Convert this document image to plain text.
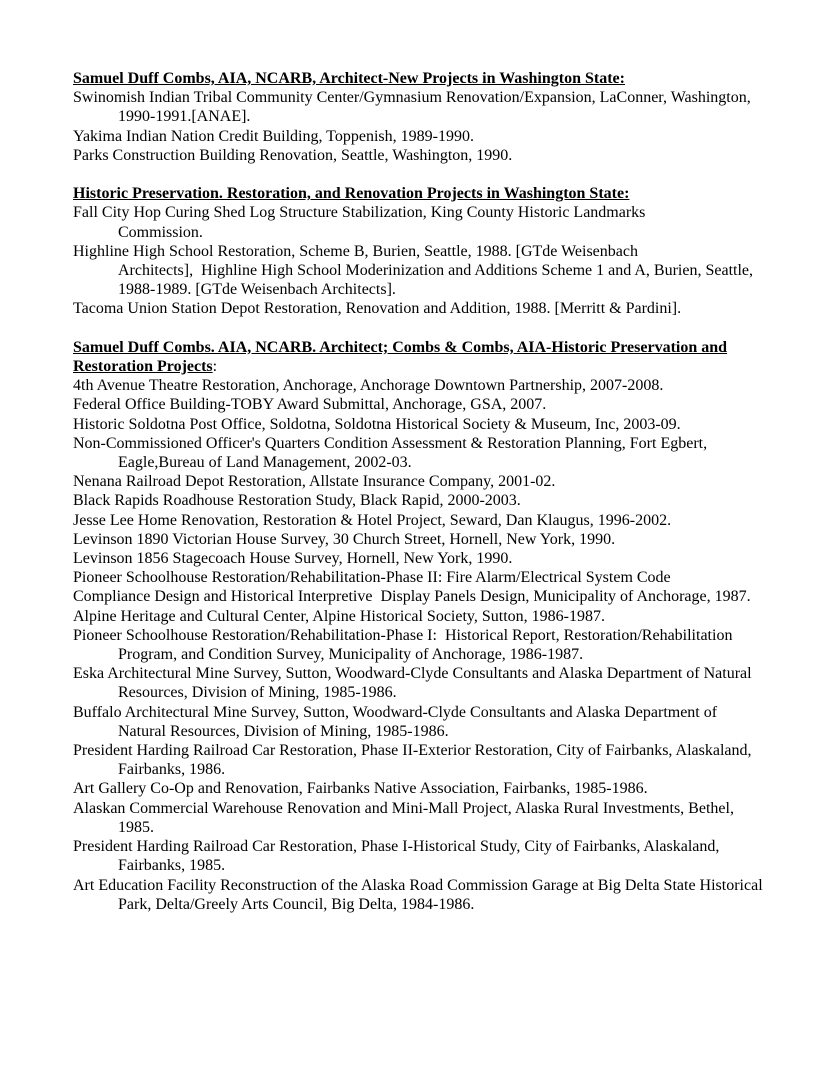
Samuel Duff Combs, AIA, NCARB, Architect-New Projects in Washington State:
Swinomish Indian Tribal Community Center/Gymnasium Renovation/Expansion, LaConner, Washington,
1990-1991.[ANAE].
Yakima Indian Nation Credit Building, Toppenish, 1989-1990.
Parks Construction Building Renovation, Seattle, Washington, 1990.
Historic Preservation. Restoration, and Renovation Projects in Washington State:
Fall City Hop Curing Shed Log Structure Stabilization, King County Historic Landmarks
Commission.
Highline High School Restoration, Scheme B, Burien, Seattle, 1988. [GTde Weisenbach
Architects],  Highline High School Moderinization and Additions Scheme 1 and A, Burien, Seattle,
1988-1989. [GTde Weisenbach Architects].
Tacoma Union Station Depot Restoration, Renovation and Addition, 1988. [Merritt & Pardini].
Samuel Duff Combs. AIA, NCARB. Architect; Combs & Combs, AIA-Historic Preservation and
Restoration Projects:
4th Avenue Theatre Restoration, Anchorage, Anchorage Downtown Partnership, 2007-2008.
Federal Office Building-TOBY Award Submittal, Anchorage, GSA, 2007.
Historic Soldotna Post Office, Soldotna, Soldotna Historical Society & Museum, Inc, 2003-09.
Non-Commissioned Officer's Quarters Condition Assessment & Restoration Planning, Fort Egbert,
Eagle,Bureau of Land Management, 2002-03.
Nenana Railroad Depot Restoration, Allstate Insurance Company, 2001-02.
Black Rapids Roadhouse Restoration Study, Black Rapid, 2000-2003.
Jesse Lee Home Renovation, Restoration & Hotel Project, Seward, Dan Klaugus, 1996-2002.
Levinson 1890 Victorian House Survey, 30 Church Street, Hornell, New York, 1990.
Levinson 1856 Stagecoach House Survey, Hornell, New York, 1990.
Pioneer Schoolhouse Restoration/Rehabilitation-Phase II: Fire Alarm/Electrical System Code
Compliance Design and Historical Interpretive  Display Panels Design, Municipality of Anchorage, 1987.
Alpine Heritage and Cultural Center, Alpine Historical Society, Sutton, 1986-1987.
Pioneer Schoolhouse Restoration/Rehabilitation-Phase I:  Historical Report, Restoration/Rehabilitation
Program, and Condition Survey, Municipality of Anchorage, 1986-1987.
Eska Architectural Mine Survey, Sutton, Woodward-Clyde Consultants and Alaska Department of Natural
Resources, Division of Mining, 1985-1986.
Buffalo Architectural Mine Survey, Sutton, Woodward-Clyde Consultants and Alaska Department of
Natural Resources, Division of Mining, 1985-1986.
President Harding Railroad Car Restoration, Phase II-Exterior Restoration, City of Fairbanks, Alaskaland,
Fairbanks, 1986.
Art Gallery Co-Op and Renovation, Fairbanks Native Association, Fairbanks, 1985-1986.
Alaskan Commercial Warehouse Renovation and Mini-Mall Project, Alaska Rural Investments, Bethel,
1985.
President Harding Railroad Car Restoration, Phase I-Historical Study, City of Fairbanks, Alaskaland,
Fairbanks, 1985.
Art Education Facility Reconstruction of the Alaska Road Commission Garage at Big Delta State Historical
Park, Delta/Greely Arts Council, Big Delta, 1984-1986.
